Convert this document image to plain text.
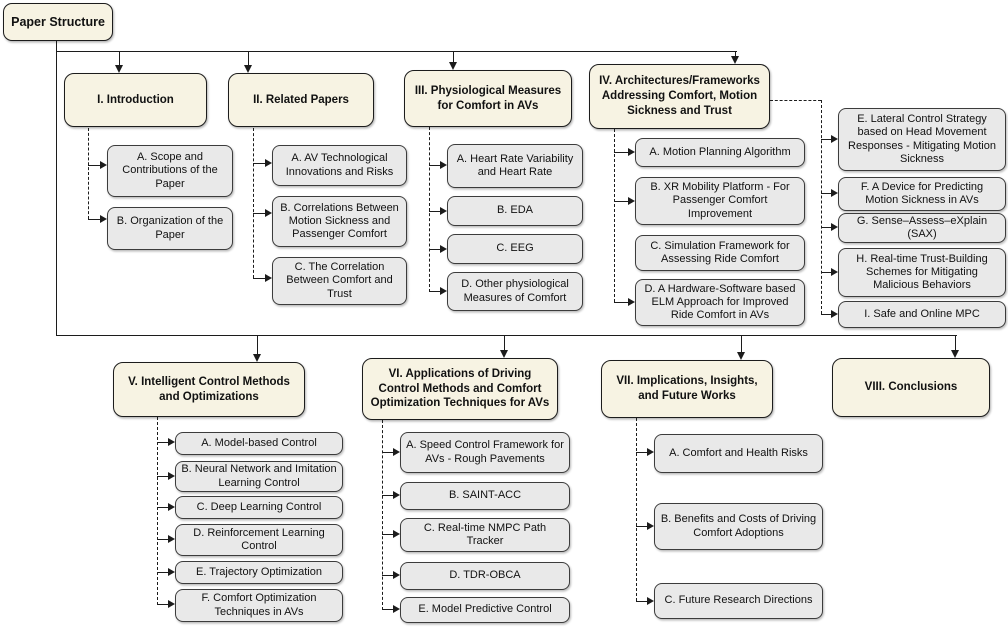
Paper Structure
I. Introduction	II. Related Papers
III. Physiological Measures for Comfort in AVs
IV. Architectures/Frameworks Addressing Comfort, Motion Sickness and Trust
A. Scope and Contributions of the Paper
B. Organization of the Paper
A. AV Technological Innovations and Risks
B. Correlations Between Motion Sickness and Passenger Comfort
C. The Correlation Between Comfort and Trust
A. Heart Rate Variability and Heart Rate
B. EDA
C. EEG
D. Other physiological Measures of Comfort
A. Motion Planning Algorithm
B. XR Mobility Platform - For Passenger Comfort Improvement
C. Simulation Framework for Assessing Ride Comfort
D. A Hardware-Software based ELM Approach for Improved Ride Comfort in AVs
E. Lateral Control Strategy based on Head Movement Responses - Mitigating Motion Sickness
F. A Device for Predicting Motion Sickness in AVs
G. Sense–Assess–eXplain (SAX)
H. Real-time Trust-Building Schemes for Mitigating Malicious Behaviors
I. Safe and Online MPC
V. Intelligent Control Methods and Optimizations
VI. Applications of Driving Control Methods and Comfort Optimization Techniques for AVs
VII. Implications, Insights, and Future Works
VIII. Conclusions
A. Model-based Control
B. Neural Network and Imitation Learning Control
C. Deep Learning Control
D. Reinforcement Learning Control
E. Trajectory Optimization
F. Comfort Optimization Techniques in AVs
A. Speed Control Framework for AVs - Rough Pavements
B. SAINT-ACC
C. Real-time NMPC Path Tracker
D. TDR-OBCA
E. Model Predictive Control
A. Comfort and Health Risks
B. Benefits and Costs of Driving Comfort Adoptions
C. Future Research Directions
